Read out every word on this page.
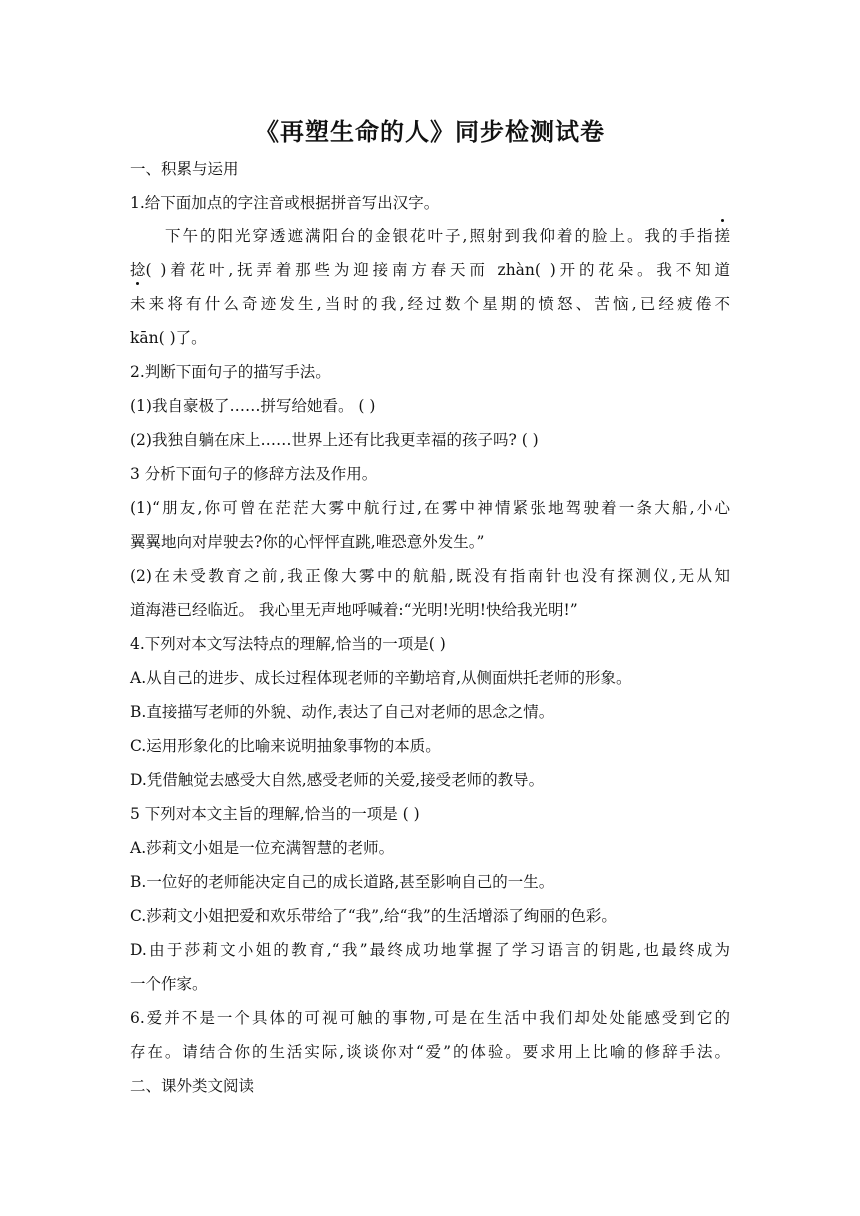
《再塑生命的人》同步检测试卷
一、积累与运用
1.给下面加点的字注音或根据拼音写出汉字。
下午的阳光穿透遮满阳台的金银花叶子,照射到我仰着的脸上。我的手指搓
捻( )着花叶,抚弄着那些为迎接南方春天而 zhàn( )开的花朵。我不知道
未来将有什么奇迹发生,当时的我,经过数个星期的愤怒、苦恼,已经疲倦不
kān( )了。
2.判断下面句子的描写手法。
(1)我自豪极了……拼写给她看。 ( )
(2)我独自躺在床上……世界上还有比我更幸福的孩子吗? ( )
3 分析下面句子的修辞方法及作用。
(1)“朋友,你可曾在茫茫大雾中航行过,在雾中神情紧张地驾驶着一条大船,小心
翼翼地向对岸驶去?你的心怦怦直跳,唯恐意外发生。”
(2)在未受教育之前,我正像大雾中的航船,既没有指南针也没有探测仪,无从知
道海港已经临近。 我心里无声地呼喊着:“光明!光明!快给我光明!”
4.下列对本文写法特点的理解,恰当的一项是( )
A.从自己的进步、成长过程体现老师的辛勤培育,从侧面烘托老师的形象。
B.直接描写老师的外貌、动作,表达了自己对老师的思念之情。
C.运用形象化的比喻来说明抽象事物的本质。
D.凭借触觉去感受大自然,感受老师的关爱,接受老师的教导。
5 下列对本文主旨的理解,恰当的一项是 ( )
A.莎莉文小姐是一位充满智慧的老师。
B.一位好的老师能决定自己的成长道路,甚至影响自己的一生。
C.莎莉文小姐把爱和欢乐带给了“我”,给“我”的生活增添了绚丽的色彩。
D.由于莎莉文小姐的教育,“我”最终成功地掌握了学习语言的钥匙,也最终成为
一个作家。
6.爱并不是一个具体的可视可触的事物,可是在生活中我们却处处能感受到它的
存在。请结合你的生活实际,谈谈你对“爱”的体验。要求用上比喻的修辞手法。
二、课外类文阅读
